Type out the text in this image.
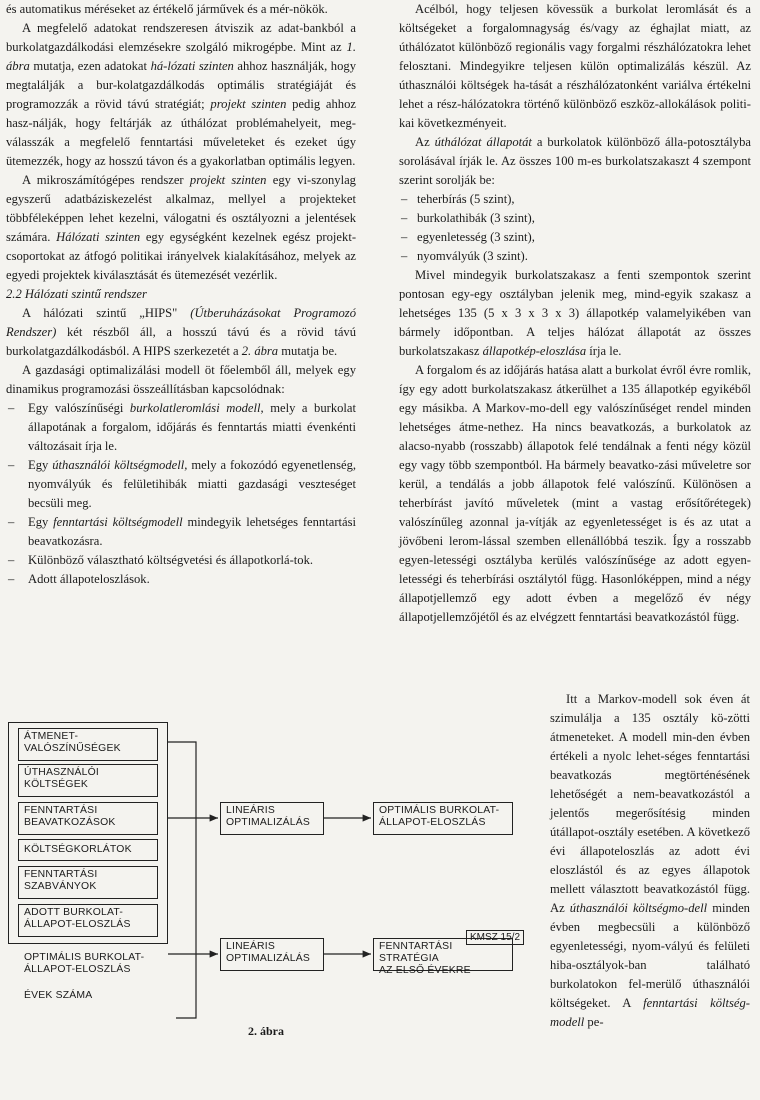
és automatikus méréseket az értékelő járművek és a mér-nökök.

A megfelelő adatokat rendszeresen átviszik az adat-bankból a burkolatgazdálkodási elemzésekre szolgáló mikrogépbe. Mint az 1. ábra mutatja, ezen adatokat há-lózati szinten ahhoz használják, hogy megtalálják a bur-kolatgazdálkodás optimális stratégiáját és programozzák a rövid távú stratégiát; projekt szinten pedig ahhoz hasz-nálják, hogy feltárják az úthálózat problémahelyeit, meg-válasszák a megfelelő fenntartási műveleteket és ezeket úgy ütemezzék, hogy az hosszú távon és a gyakorlatban optimális legyen.

A mikroszámítógépes rendszer projekt szinten egy vi-szonylag egyszerű adatbáziskezelést alkalmaz, mellyel a projekteket többféleképpen lehet kezelni, válogatni és osztályozni a jelentések számára. Hálózati szinten egy egységként kezelnek egész projekt-csoportokat az átfogó politikai irányelvek kialakításához, melyek az egyedi projektek kiválasztását és ütemezését vezérlik.

2.2 Hálózati szintű rendszer

A hálózati szintű „HIPS" (Útberuházásokat Programozó Rendszer) két részből áll, a hosszú távú és a rövid távú burkolatgazdálkodásból. A HIPS szerkezetét a 2. ábra mutatja be.

A gazdasági optimalizálási modell öt főelemből áll, melyek egy dinamikus programozási összeállításban kapcsolódnak:

– Egy valószínűségi burkolatleromlási modell, mely a burkolat állapotának a forgalom, időjárás és fenntartás miatti évenkénti változásait írja le.
– Egy úthasználói költségmodell, mely a fokozódó egyenetlenség, nyomvályúk és felületihibák miatti gazdasági veszteséget becsüli meg.
– Egy fenntartási költségmodell mindegyik lehetséges fenntartási beavatkozásra.
– Különböző választható költségvetési és állapotkorlá-tok.
– Adott állapoteloszlások.
ÁTMENET-
VALÓSZÍNŰSÉGEK
ÚTHASZNÁLÓI
KÖLTSÉGEK
FENNTARTÁSI
BEAVATKOZÁSOK
KÖLTSÉGKORLÁTOK
FENNTARTÁSI
SZABVÁNYOK
ADOTT BURKOLAT-
ÁLLAPOT-ELOSZLÁS
OPTIMÁLIS BURKOLAT-
ÁLLAPOT-ELOSZLÁS
ÉVEK SZÁMA
LINEÁRIS
OPTIMALIZÁLÁS
LINEÁRIS
OPTIMALIZÁLÁS
OPTIMÁLIS BURKOLAT-
ÁLLAPOT-ELOSZLÁS
FENNTARTÁSI STRATÉGIA
AZ ELSŐ ÉVEKRE
KMSZ 15/2
2. ábra

Acélból, hogy teljesen kövessük a burkolat leromlását és a költségeket a forgalomnagyság és/vagy az éghajlat miatt, az úthálózatot különböző regionális vagy forgalmi részhálózatokra lehet felosztani. Mindegyikre teljesen külön optimalizálás készül. Az úthasználói költségek ha-tását a részhálózatonként variálva értékelni lehet a rész-hálózatokra történő különböző eszköz-allokálások politi-kai következményeit.

Az úthálózat állapotát a burkolatok különböző álla-potosztályba sorolásával írják le. Az összes 100 m-es burkolatszakaszt 4 szempont szerint sorolják be:

– teherbírás (5 szint),
– burkolathibák (3 szint),
– egyenletesség (3 szint),
– nyomvályúk (3 szint).

Mivel mindegyik burkolatszakasz a fenti szempontok szerint pontosan egy-egy osztályban jelenik meg, mind-egyik szakasz a lehetséges 135 (5 x 3 x 3 x 3) állapotkép valamelyikében van bármely időpontban. A teljes hálózat állapotát az összes burkolatszakasz állapotkép-eloszlása írja le.

A forgalom és az időjárás hatása alatt a burkolat évről évre romlik, így egy adott burkolatszakasz átkerülhet a 135 állapotkép egyikéből egy másikba. A Markov-mo-dell egy valószínűséget rendel minden lehetséges átme-nethez. Ha nincs beavatkozás, a burkolatok az alacso-nyabb (rosszabb) állapotok felé tendálnak a fenti négy közül egy vagy több szempontból. Ha bármely beavatko-zási műveletre sor kerül, a tendálás a jobb állapotok felé valószínű. Különösen a teherbírást javító műveletek (mint a vastag erősítőrétegek) valószínűleg azonnal ja-vítják az egyenletességet is és az utat a jövőbeni lerom-lással szemben ellenállóbbá teszik. Így a rosszabb egyen-letességi osztályba kerülés valószínűsége az adott egyen-letességi és teherbírási osztálytól függ. Hasonlóképpen, mind a négy állapotjellemző egy adott évben a megelőző év négy állapotjellemzőjétől és az elvégzett fenntartási beavatkozástól függ.

Itt a Markov-modell sok éven át szimulálja a 135 osztály kö-zötti átmeneteket. A modell min-den évben értékeli a nyolc lehet-séges fenntartási beavatkozás megtörténésének lehetőségét a nem-beavatkozástól a jelentős megerősítésig minden útállapot-osztály esetében. A következő évi állapoteloszlás az adott évi eloszlástól és az egyes állapotok mellett választott beavatkozástól függ. Az úthasználói költségmo-dell minden évben megbecsüli a különböző egyenletességi, nyom-vályú és felületi hiba-osztályok-ban található burkolatokon fel-merülő úthasználói költségeket. A fenntartási költség-modell pe-
